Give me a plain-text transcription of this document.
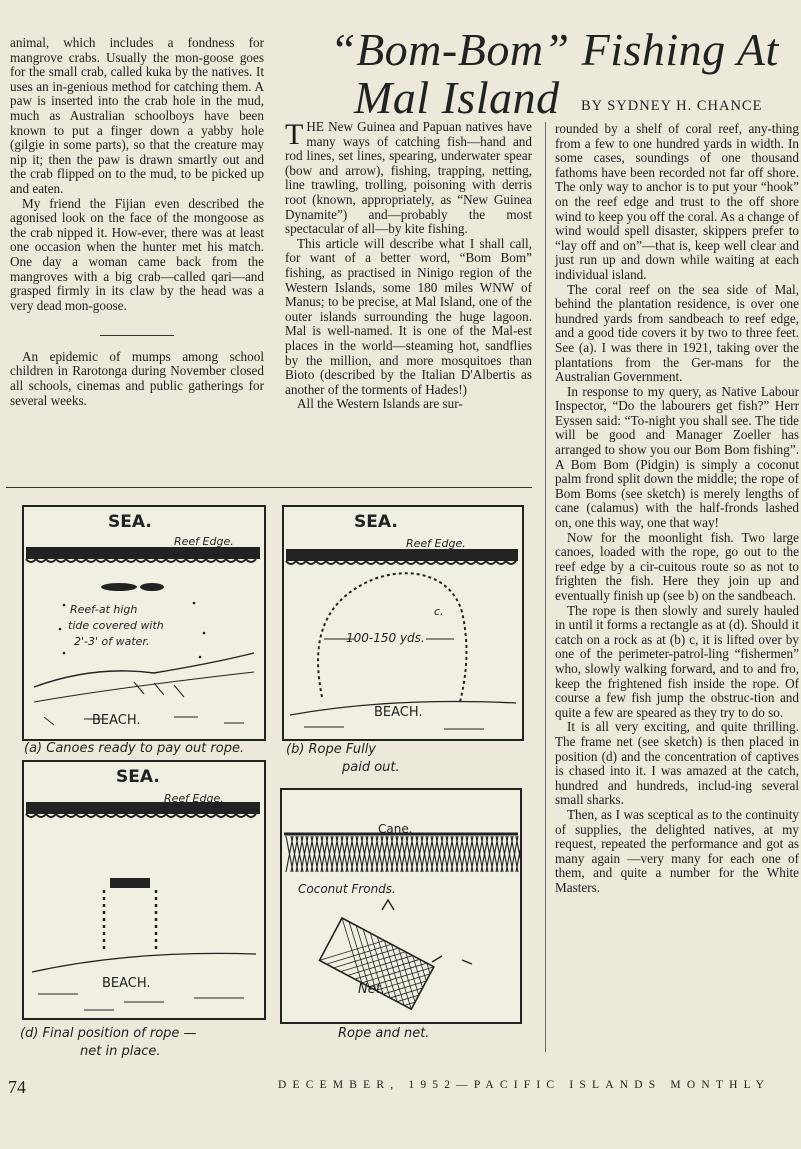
animal, which includes a fondness for mangrove crabs. Usually the mon-goose goes for the small crab, called kuka by the natives. It uses an in-genious method for catching them. A paw is inserted into the crab hole in the mud, much as Australian schoolboys have been known to put a finger down a yabby hole (gilgie in some parts), so that the creature may nip it; then the paw is drawn smartly out and the crab flipped on to the mud, to be picked up and eaten.

My friend the Fijian even described the agonised look on the face of the mongoose as the crab nipped it. How-ever, there was at least one occasion when the hunter met his match. One day a woman came back from the mangroves with a big crab—called qari—and grasped firmly in its claw by the head was a very dead mon-goose.

An epidemic of mumps among school children in Rarotonga during November closed all schools, cinemas and public gatherings for several weeks.

“Bom-Bom” Fishing At
Mal Island BY SYDNEY H. CHANCE

THE New Guinea and Papuan natives have many ways of catching fish—hand and rod lines, set lines, spearing, underwater spear (bow and arrow), fishing, trapping, netting, line trawling, trolling, poisoning with derris root (known, appropriately, as “New Guinea Dynamite”) and—probably the most spectacular of all—by kite fishing.

This article will describe what I shall call, for want of a better word, “Bom Bom” fishing, as practised in Ninigo region of the Western Islands, some 180 miles WNW of Manus; to be precise, at Mal Island, one of the outer islands surrounding the huge lagoon. Mal is well-named. It is one of the Mal-est places in the world—steaming hot, sandflies by the million, and more mosquitoes than Bioto (described by the Italian D'Albertis as another of the torments of Hades!)

All the Western Islands are sur-

rounded by a shelf of coral reef, any-thing from a few to one hundred yards in width. In some cases, soundings of one thousand fathoms have been recorded not far off shore. The only way to anchor is to put your “hook” on the reef edge and trust to the off shore wind to keep you off the coral. As a change of wind would spell disaster, skippers prefer to “lay off and on”—that is, keep well clear and just run up and down while waiting at each individual island.

The coral reef on the sea side of Mal, behind the plantation residence, is over one hundred yards from sandbeach to reef edge, and a good tide covers it by two to three feet. See (a). I was there in 1921, taking over the plantations from the Ger-mans for the Australian Government.

In response to my query, as Native Labour Inspector, “Do the labourers get fish?” Herr Eyssen said: “To-night you shall see. The tide will be good and Manager Zoeller has arranged to show you our Bom Bom fishing”. A Bom Bom (Pidgin) is simply a coconut palm frond split down the middle; the rope of Bom Boms (see sketch) is merely lengths of cane (calamus) with the half-fronds lashed on, one this way, one that way!

Now for the moonlight fish. Two large canoes, loaded with the rope, go out to the reef edge by a cir-cuitous route so as not to frighten the fish. Here they join up and eventually finish up (see b) on the sandbeach.

The rope is then slowly and surely hauled in until it forms a rectangle as at (d). Should it catch on a rock as at (b) c, it is lifted over by one of the perimeter-patrol-ling “fishermen” who, slowly walking forward, and to and fro, keep the frightened fish inside the rope. Of course a few fish jump the obstruc-tion and quite a few are speared as they try to do so.

It is all very exciting, and quite thrilling. The frame net (see sketch) is then placed in position (d) and the concentration of captives is chased into it. I was amazed at the catch, hundred and hundreds, includ-ing several small sharks.

Then, as I was sceptical as to the continuity of supplies, the delighted natives, at my request, repeated the performance and got as many again —very many for each one of them, and quite a number for the White Masters.

SEA.
Reef Edge.
Reef-at high
tide covered with
2'-3' of water.
BEACH.
(a) Canoes ready to pay out rope.
SEA.
Reef Edge.
c.
100-150 yds.
BEACH.
(b) Rope Fully
paid out.
SEA.
Reef Edge.
BEACH.
(d) Final position of rope —
net in place.
Cane.
Coconut Fronds.
Net.
Rope and net.
74	DECEMBER, 1952—PACIFIC ISLANDS MONTHLY
